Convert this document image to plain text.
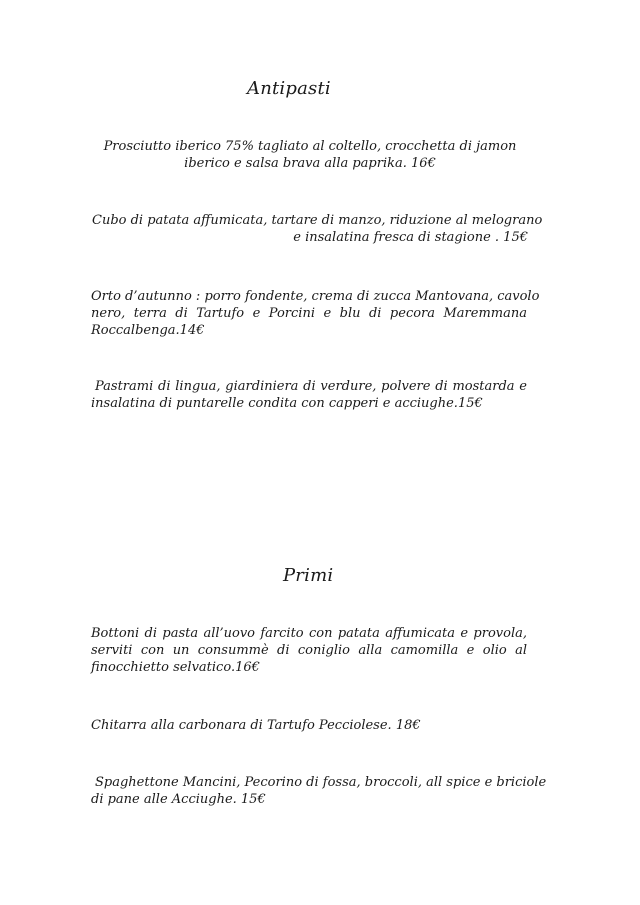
Antipasti
Prosciutto iberico 75% tagliato al coltello, crocchetta di jamon
iberico e salsa brava alla paprika. 16€
Cubo di patata affumicata, tartare di manzo, riduzione al melograno
e insalatina fresca di stagione . 15€
Orto d’autunno : porro fondente, crema di zucca Mantovana, cavolo
nero, terra di Tartufo e Porcini e blu di pecora Maremmana
Roccalbenga.14€
Pastrami di lingua, giardiniera di verdure, polvere di mostarda e
insalatina di puntarelle condita con capperi e acciughe.15€
Primi
Bottoni di pasta all’uovo farcito con patata affumicata e provola,
serviti con un consummè di coniglio alla camomilla e olio al
finocchietto selvatico.16€
Chitarra alla carbonara di Tartufo Pecciolese. 18€
Spaghettone Mancini, Pecorino di fossa, broccoli, all spice e briciole
di pane alle Acciughe. 15€
